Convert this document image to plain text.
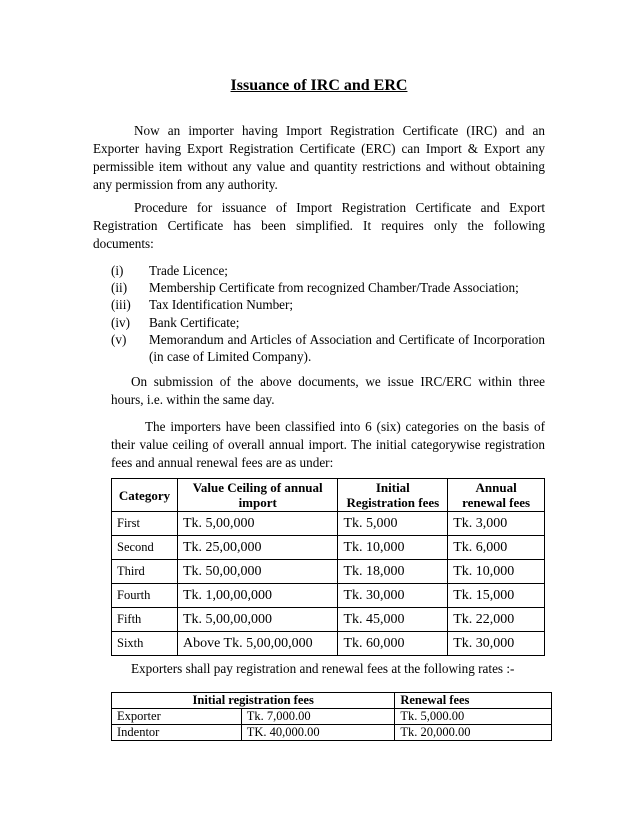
Issuance of IRC and ERC

Now an importer having Import Registration Certificate (IRC) and an Exporter having Export Registration Certificate (ERC) can Import & Export any permissible item without any value and quantity restrictions and without obtaining any permission from any authority.

Procedure for issuance of Import Registration Certificate and Export Registration Certificate has been simplified. It requires only the following documents:

(i)	Trade Licence;
(ii)	Membership Certificate from recognized Chamber/Trade Association;
(iii)	Tax Identification Number;
(iv)	Bank Certificate;
(v)	Memorandum and Articles of Association and Certificate of Incorporation (in case of Limited Company).

On submission of the above documents, we issue IRC/ERC within three hours, i.e. within the same day.

The importers have been classified into 6 (six) categories on the basis of their value ceiling of overall annual import. The initial categorywise registration fees and annual renewal fees are as under:

Category	Value Ceiling of annual import	Initial Registration fees	Annual renewal fees
First	Tk. 5,00,000	Tk. 5,000	Tk. 3,000
Second	Tk. 25,00,000	Tk. 10,000	Tk. 6,000
Third	Tk. 50,00,000	Tk. 18,000	Tk. 10,000
Fourth	Tk. 1,00,00,000	Tk. 30,000	Tk. 15,000
Fifth	Tk. 5,00,00,000	Tk. 45,000	Tk. 22,000
Sixth	Above Tk. 5,00,00,000	Tk. 60,000	Tk. 30,000

Exporters shall pay registration and renewal fees at the following rates :-

Initial registration fees		Renewal fees
Exporter	Tk. 7,000.00	Tk. 5,000.00
Indentor	TK. 40,000.00	Tk. 20,000.00
